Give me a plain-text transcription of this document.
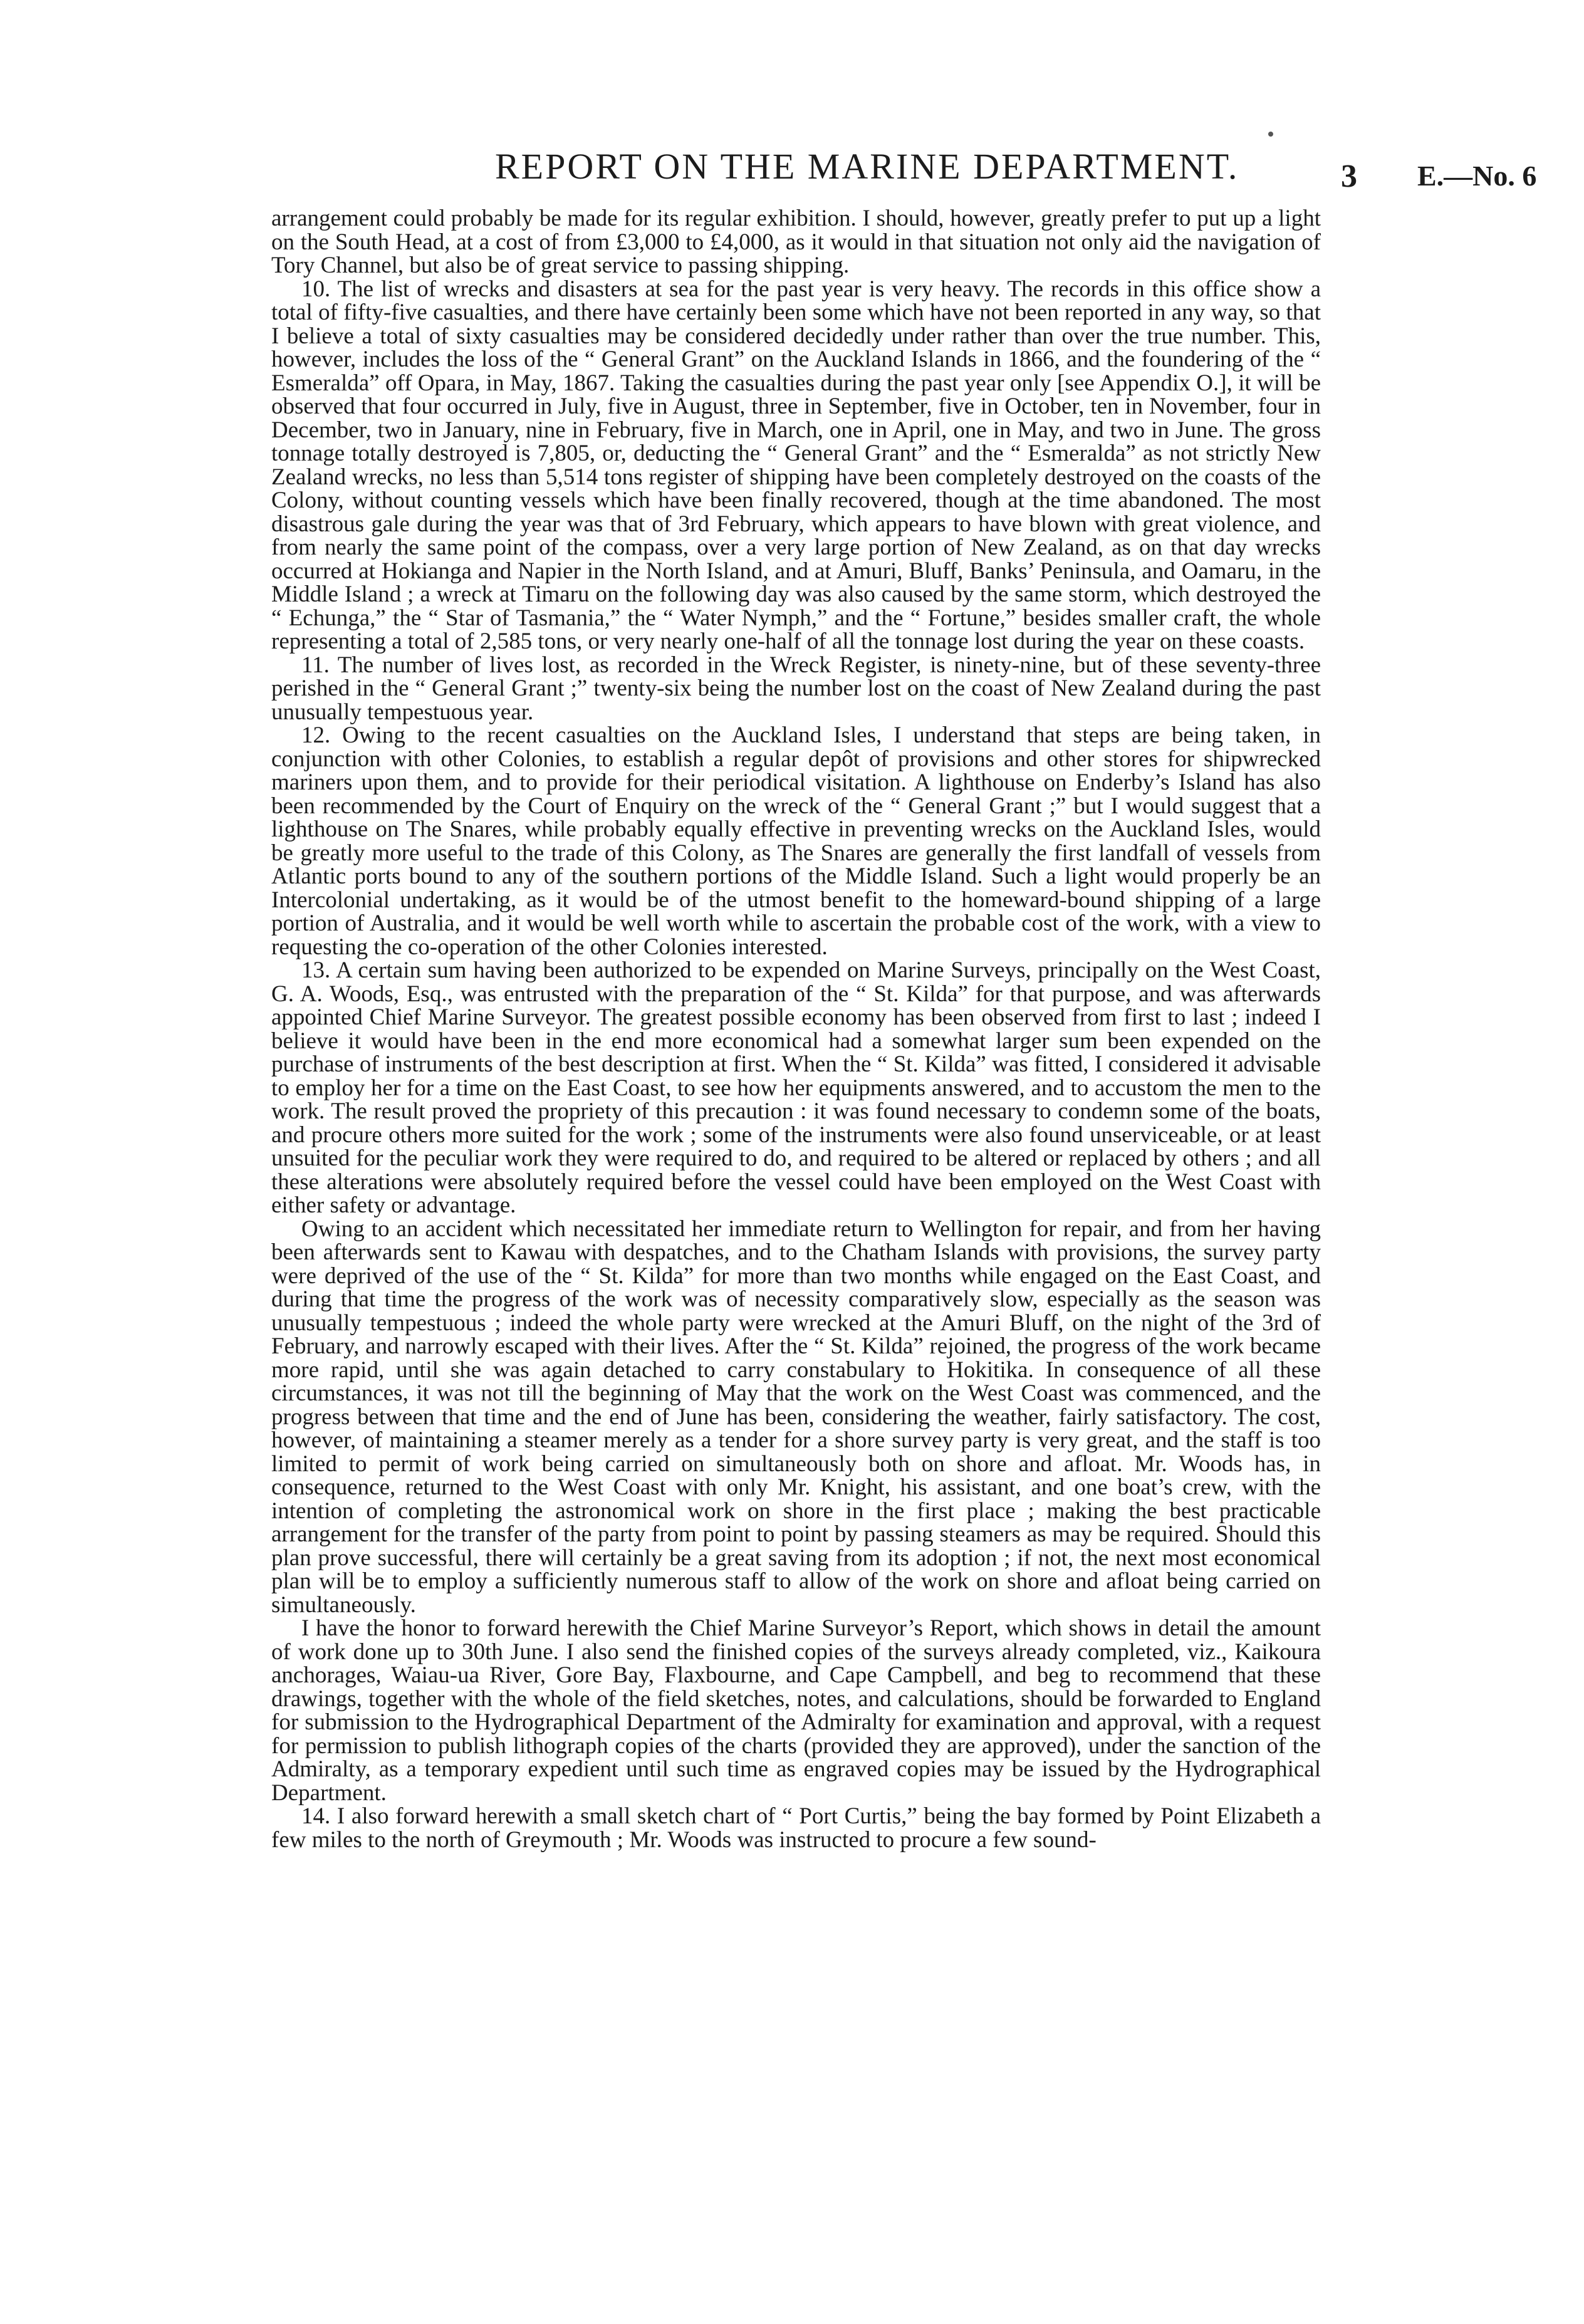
REPORT ON THE MARINE DEPARTMENT.	3 E.—No. 6

arrangement could probably be made for its regular exhibition. I should, however, greatly prefer to put up a light on the South Head, at a cost of from £3,000 to £4,000, as it would in that situation not only aid the navigation of Tory Channel, but also be of great service to passing shipping.

10. The list of wrecks and disasters at sea for the past year is very heavy. The records in this office show a total of fifty-five casualties, and there have certainly been some which have not been reported in any way, so that I believe a total of sixty casualties may be considered decidedly under rather than over the true number. This, however, includes the loss of the “ General Grant” on the Auckland Islands in 1866, and the foundering of the “ Esmeralda” off Opara, in May, 1867. Taking the casualties during the past year only [see Appendix O.], it will be observed that four occurred in July, five in August, three in September, five in October, ten in November, four in December, two in January, nine in February, five in March, one in April, one in May, and two in June. The gross tonnage totally destroyed is 7,805, or, deducting the “ General Grant” and the “ Esmeralda” as not strictly New Zealand wrecks, no less than 5,514 tons register of shipping have been completely destroyed on the coasts of the Colony, without counting vessels which have been finally recovered, though at the time abandoned. The most disastrous gale during the year was that of 3rd February, which appears to have blown with great violence, and from nearly the same point of the compass, over a very large portion of New Zealand, as on that day wrecks occurred at Hokianga and Napier in the North Island, and at Amuri, Bluff, Banks’ Peninsula, and Oamaru, in the Middle Island ; a wreck at Timaru on the following day was also caused by the same storm, which destroyed the “ Echunga,” the “ Star of Tasmania,” the “ Water Nymph,” and the “ Fortune,” besides smaller craft, the whole representing a total of 2,585 tons, or very nearly one-half of all the tonnage lost during the year on these coasts.

11. The number of lives lost, as recorded in the Wreck Register, is ninety-nine, but of these seventy-three perished in the “ General Grant ;” twenty-six being the number lost on the coast of New Zealand during the past unusually tempestuous year.

12. Owing to the recent casualties on the Auckland Isles, I understand that steps are being taken, in conjunction with other Colonies, to establish a regular depôt of provisions and other stores for shipwrecked mariners upon them, and to provide for their periodical visitation. A lighthouse on Enderby’s Island has also been recommended by the Court of Enquiry on the wreck of the “ General Grant ;” but I would suggest that a lighthouse on The Snares, while probably equally effective in preventing wrecks on the Auckland Isles, would be greatly more useful to the trade of this Colony, as The Snares are generally the first landfall of vessels from Atlantic ports bound to any of the southern portions of the Middle Island. Such a light would properly be an Intercolonial undertaking, as it would be of the utmost benefit to the homeward-bound shipping of a large portion of Australia, and it would be well worth while to ascertain the probable cost of the work, with a view to requesting the co-operation of the other Colonies interested.

13. A certain sum having been authorized to be expended on Marine Surveys, principally on the West Coast, G. A. Woods, Esq., was entrusted with the preparation of the “ St. Kilda” for that purpose, and was afterwards appointed Chief Marine Surveyor. The greatest possible economy has been observed from first to last ; indeed I believe it would have been in the end more economical had a somewhat larger sum been expended on the purchase of instruments of the best description at first. When the “ St. Kilda” was fitted, I considered it advisable to employ her for a time on the East Coast, to see how her equipments answered, and to accustom the men to the work. The result proved the propriety of this precaution : it was found necessary to condemn some of the boats, and procure others more suited for the work ; some of the instruments were also found unserviceable, or at least unsuited for the peculiar work they were required to do, and required to be altered or replaced by others ; and all these alterations were absolutely required before the vessel could have been employed on the West Coast with either safety or advantage.

Owing to an accident which necessitated her immediate return to Wellington for repair, and from her having been afterwards sent to Kawau with despatches, and to the Chatham Islands with provisions, the survey party were deprived of the use of the “ St. Kilda” for more than two months while engaged on the East Coast, and during that time the progress of the work was of necessity comparatively slow, especially as the season was unusually tempestuous ; indeed the whole party were wrecked at the Amuri Bluff, on the night of the 3rd of February, and narrowly escaped with their lives. After the “ St. Kilda” rejoined, the progress of the work became more rapid, until she was again detached to carry constabulary to Hokitika. In consequence of all these circumstances, it was not till the beginning of May that the work on the West Coast was commenced, and the progress between that time and the end of June has been, considering the weather, fairly satisfactory. The cost, however, of maintaining a steamer merely as a tender for a shore survey party is very great, and the staff is too limited to permit of work being carried on simultaneously both on shore and afloat. Mr. Woods has, in consequence, returned to the West Coast with only Mr. Knight, his assistant, and one boat’s crew, with the intention of completing the astronomical work on shore in the first place ; making the best practicable arrangement for the transfer of the party from point to point by passing steamers as may be required. Should this plan prove successful, there will certainly be a great saving from its adoption ; if not, the next most economical plan will be to employ a sufficiently numerous staff to allow of the work on shore and afloat being carried on simultaneously.

I have the honor to forward herewith the Chief Marine Surveyor’s Report, which shows in detail the amount of work done up to 30th June. I also send the finished copies of the surveys already completed, viz., Kaikoura anchorages, Waiau-ua River, Gore Bay, Flaxbourne, and Cape Campbell, and beg to recommend that these drawings, together with the whole of the field sketches, notes, and calculations, should be forwarded to England for submission to the Hydrographical Department of the Admiralty for examination and approval, with a request for permission to publish lithograph copies of the charts (provided they are approved), under the sanction of the Admiralty, as a temporary expedient until such time as engraved copies may be issued by the Hydrographical Department.

14. I also forward herewith a small sketch chart of “ Port Curtis,” being the bay formed by Point Elizabeth a few miles to the north of Greymouth ; Mr. Woods was instructed to procure a few sound-
